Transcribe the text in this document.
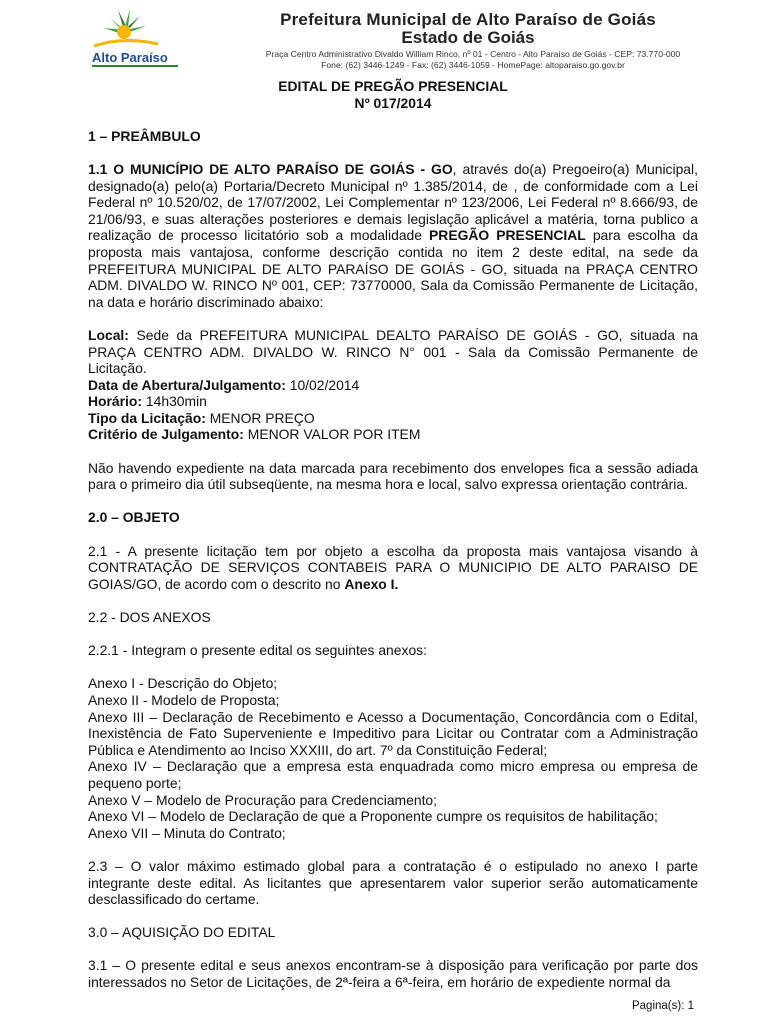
Alto Paraíso
Prefeitura Municipal de Alto Paraíso de Goiás
Estado de Goiás
Praça Centro Administrativo Divaldo William Rinco, nº 01 - Centro - Alto Paraíso de Goiás - CEP: 73.770-000
Fone: (62) 3446-1249 - Fax: (62) 3446-1059 - HomePage: altoparaiso.go.gov.br

EDITAL DE PREGÃO PRESENCIAL

Nº 017/2014

1 – PREÂMBULO

1.1 O MUNICÍPIO DE ALTO PARAÍSO DE GOIÁS - GO, através do(a) Pregoeiro(a) Municipal, designado(a) pelo(a) Portaria/Decreto Municipal nº 1.385/2014, de , de conformidade com a Lei Federal nº 10.520/02, de 17/07/2002, Lei Complementar nº 123/2006, Lei Federal nº 8.666/93, de 21/06/93, e suas alterações posteriores e demais legislação aplicável a matéria, torna publico a realização de processo licitatório sob a modalidade PREGÃO PRESENCIAL para escolha da proposta mais vantajosa, conforme descrição contida no item 2 deste edital, na sede da PREFEITURA MUNICIPAL DE ALTO PARAÍSO DE GOIÁS - GO, situada na PRAÇA CENTRO ADM. DIVALDO W. RINCO Nº 001, CEP: 73770000, Sala da Comissão Permanente de Licitação, na data e horário discriminado abaixo:

Local: Sede da PREFEITURA MUNICIPAL DEALTO PARAÍSO DE GOIÁS - GO, situada na PRAÇA CENTRO ADM. DIVALDO W. RINCO N° 001 - Sala da Comissão Permanente de Licitação.

Data de Abertura/Julgamento: 10/02/2014

Horário: 14h30min

Tipo da Licitação: MENOR PREÇO

Critério de Julgamento: MENOR VALOR POR ITEM

Não havendo expediente na data marcada para recebimento dos envelopes fica a sessão adiada para o primeiro dia útil subseqüente, na mesma hora e local, salvo expressa orientação contrária.

2.0 – OBJETO

2.1 - A presente licitação tem por objeto a escolha da proposta mais vantajosa visando à CONTRATAÇÃO DE SERVIÇOS CONTABEIS PARA O MUNICIPIO DE ALTO PARAISO DE GOIAS/GO, de acordo com o descrito no Anexo I.

2.2 - DOS ANEXOS

2.2.1 - Integram o presente edital os seguintes anexos:

Anexo I - Descrição do Objeto;

Anexo II - Modelo de Proposta;

Anexo III – Declaração de Recebimento e Acesso a Documentação, Concordância com o Edital, Inexistência de Fato Superveniente e Impeditivo para Licitar ou Contratar com a Administração Pública e Atendimento ao Inciso XXXIII, do art. 7º da Constituição Federal;

Anexo IV – Declaração que a empresa esta enquadrada como micro empresa ou empresa de pequeno porte;

Anexo V – Modelo de Procuração para Credenciamento;

Anexo VI – Modelo de Declaração de que a Proponente cumpre os requisitos de habilitação;

Anexo VII – Minuta do Contrato;

2.3 – O valor máximo estimado global para a contratação é o estipulado no anexo I parte integrante deste edital. As licitantes que apresentarem valor superior serão automaticamente desclassificado do certame.

3.0 – AQUISIÇÃO DO EDITAL

3.1 – O presente edital e seus anexos encontram-se à disposição para verificação por parte dos interessados no Setor de Licitações, de 2ª-feira a 6ª-feira, em horário de expediente normal da

Pagina(s): 1
